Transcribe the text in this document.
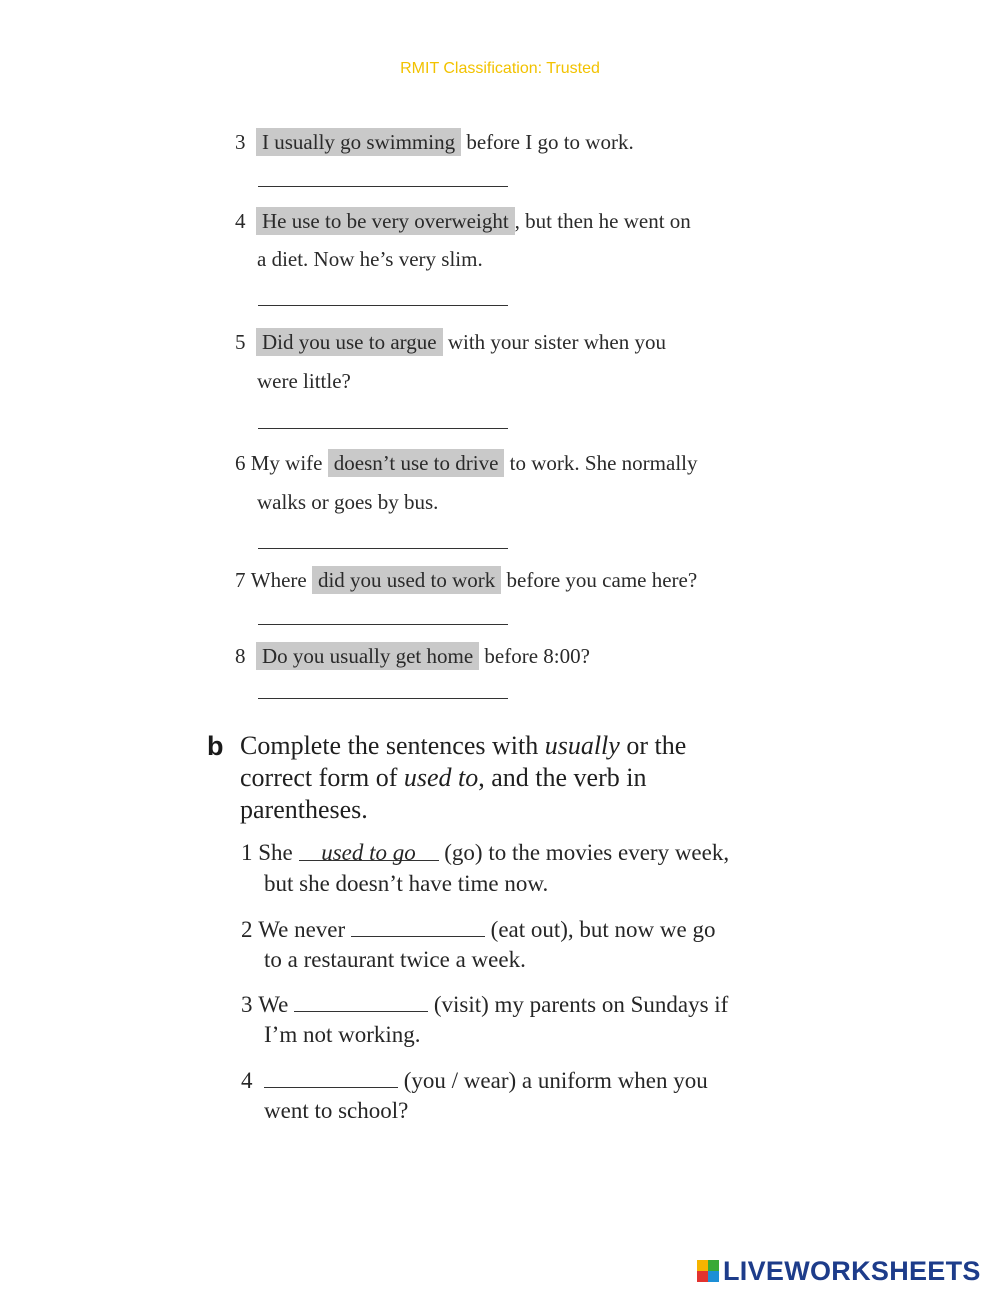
RMIT Classification: Trusted
3 I usually go swimming before I go to work.
4 He use to be very overweight , but then he went on
a diet. Now he’s very slim.
5 Did you use to argue with your sister when you
were little?
6 My wife doesn’t use to drive to work. She normally
walks or goes by bus.
7 Where did you used to work before you came here?
8 Do you usually get home before 8:00?
b Complete the sentences with usually or the
correct form of used to, and the verb in
parentheses.
1 She used to go (go) to the movies every week,
but she doesn’t have time now.
2 We never	(eat out), but now we go
to a restaurant twice a week.
3 We	(visit) my parents on Sundays if
I’m not working.
4	(you / wear) a uniform when you
went to school?
LIVEWORKSHEETS
